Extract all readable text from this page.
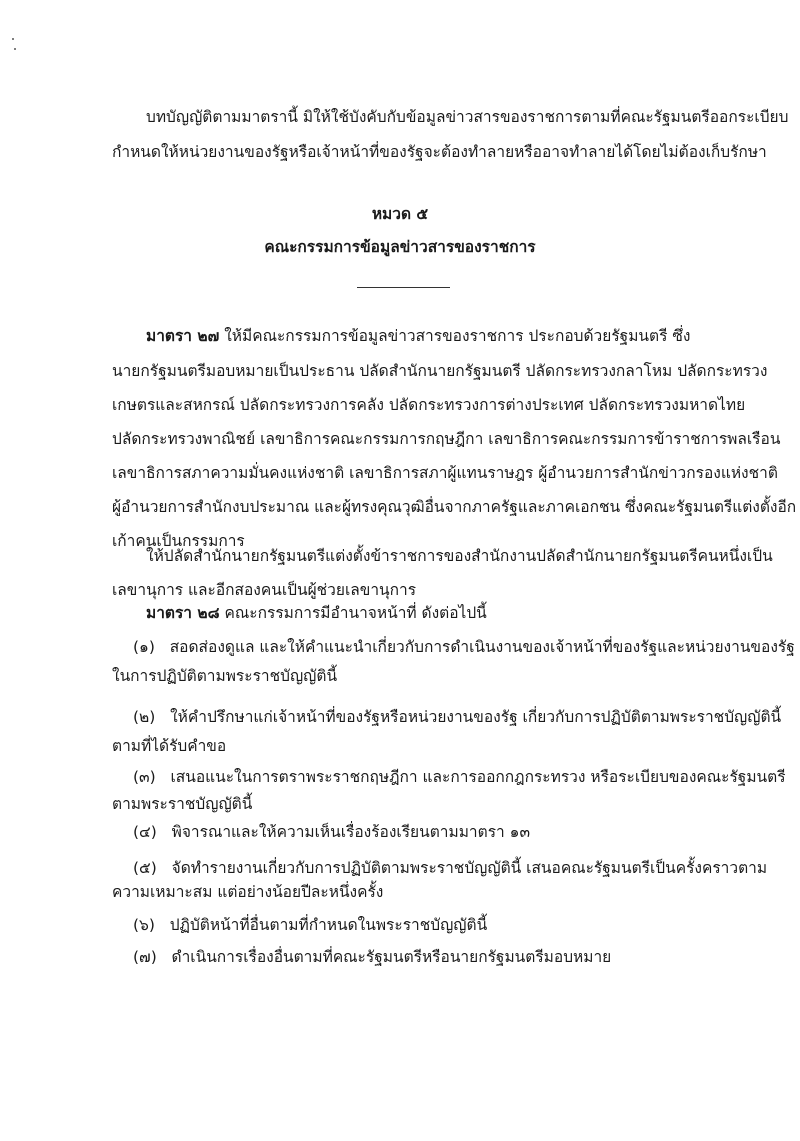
บทบัญญัติตามมาตรานี้ มิให้ใช้บังคับกับข้อมูลข่าวสารของราชการตามที่คณะรัฐมนตรีออกระเบียบ
กำหนดให้หน่วยงานของรัฐหรือเจ้าหน้าที่ของรัฐจะต้องทำลายหรืออาจทำลายได้โดยไม่ต้องเก็บรักษา
หมวด ๕
คณะกรรมการข้อมูลข่าวสารของราชการ
มาตรา ๒๗ ให้มีคณะกรรมการข้อมูลข่าวสารของราชการ ประกอบด้วยรัฐมนตรี ซึ่ง
นายกรัฐมนตรีมอบหมายเป็นประธาน ปลัดสำนักนายกรัฐมนตรี ปลัดกระทรวงกลาโหม ปลัดกระทรวง
เกษตรและสหกรณ์ ปลัดกระทรวงการคลัง ปลัดกระทรวงการต่างประเทศ ปลัดกระทรวงมหาดไทย
ปลัดกระทรวงพาณิชย์ เลขาธิการคณะกรรมการกฤษฎีกา เลขาธิการคณะกรรมการข้าราชการพลเรือน
เลขาธิการสภาความมั่นคงแห่งชาติ เลขาธิการสภาผู้แทนราษฎร ผู้อำนวยการสำนักข่าวกรองแห่งชาติ
ผู้อำนวยการสำนักงบประมาณ และผู้ทรงคุณวุฒิอื่นจากภาครัฐและภาคเอกชน ซึ่งคณะรัฐมนตรีแต่งตั้งอีก
เก้าคนเป็นกรรมการ
ให้ปลัดสำนักนายกรัฐมนตรีแต่งตั้งข้าราชการของสำนักงานปลัดสำนักนายกรัฐมนตรีคนหนึ่งเป็น
เลขานุการ และอีกสองคนเป็นผู้ช่วยเลขานุการ
มาตรา ๒๘ คณะกรรมการมีอำนาจหน้าที่ ดังต่อไปนี้
(๑) สอดส่องดูแล และให้คำแนะนำเกี่ยวกับการดำเนินงานของเจ้าหน้าที่ของรัฐและหน่วยงานของรัฐ
ในการปฏิบัติตามพระราชบัญญัตินี้
(๒) ให้คำปรึกษาแก่เจ้าหน้าที่ของรัฐหรือหน่วยงานของรัฐ เกี่ยวกับการปฏิบัติตามพระราชบัญญัตินี้
ตามที่ได้รับคำขอ
(๓) เสนอแนะในการตราพระราชกฤษฎีกา และการออกกฎกระทรวง หรือระเบียบของคณะรัฐมนตรี
ตามพระราชบัญญัตินี้
(๔) พิจารณาและให้ความเห็นเรื่องร้องเรียนตามมาตรา ๑๓
(๕) จัดทำรายงานเกี่ยวกับการปฏิบัติตามพระราชบัญญัตินี้ เสนอคณะรัฐมนตรีเป็นครั้งคราวตาม
ความเหมาะสม แต่อย่างน้อยปีละหนึ่งครั้ง
(๖) ปฏิบัติหน้าที่อื่นตามที่กำหนดในพระราชบัญญัตินี้
(๗) ดำเนินการเรื่องอื่นตามที่คณะรัฐมนตรีหรือนายกรัฐมนตรีมอบหมาย
